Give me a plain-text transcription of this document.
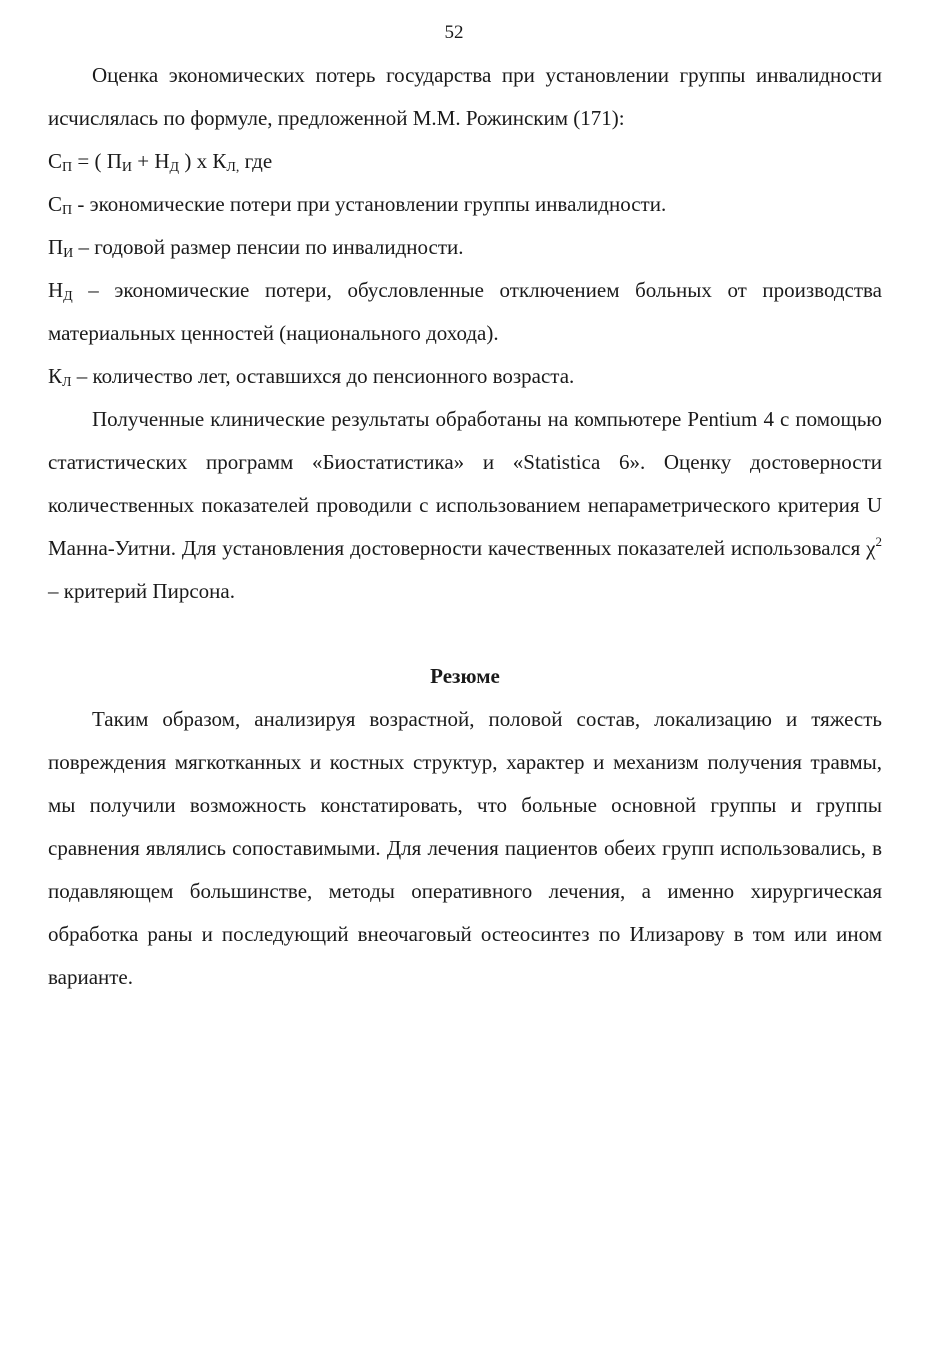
52

Оценка экономических потерь государства при установлении группы инвалидности исчислялась по формуле, предложенной М.М. Рожинским (171):

$С_П$ = ( $П_И + Н_Д$ ) х $К_{Л,}$ где

$С_П$ - экономические потери при установлении группы инвалидности.

$П_И$ – годовой размер пенсии по инвалидности.

$Н_Д$ – экономические потери, обусловленные отключением больных от производства материальных ценностей (национального дохода).

$К_Л$ – количество лет, оставшихся до пенсионного возраста.

Полученные клинические результаты обработаны на компьютере Pentium 4 с помощью статистических программ «Биостатистика» и «Statistica 6». Оценку достоверности количественных показателей проводили с использованием непараметрического критерия U Манна-Уитни. Для установления достоверности качественных показателей использовался $\chi^2$ – критерий Пирсона.

Резюме

Таким образом, анализируя возрастной, половой состав, локализацию и тяжесть повреждения мягкотканных и костных структур, характер и механизм получения травмы, мы получили возможность констатировать, что больные основной группы и группы сравнения являлись сопоставимыми. Для лечения пациентов обеих групп использовались, в подавляющем большинстве, методы оперативного лечения, а именно хирургическая обработка раны и последующий внеочаговый остеосинтез по Илизарову в том или ином варианте.
